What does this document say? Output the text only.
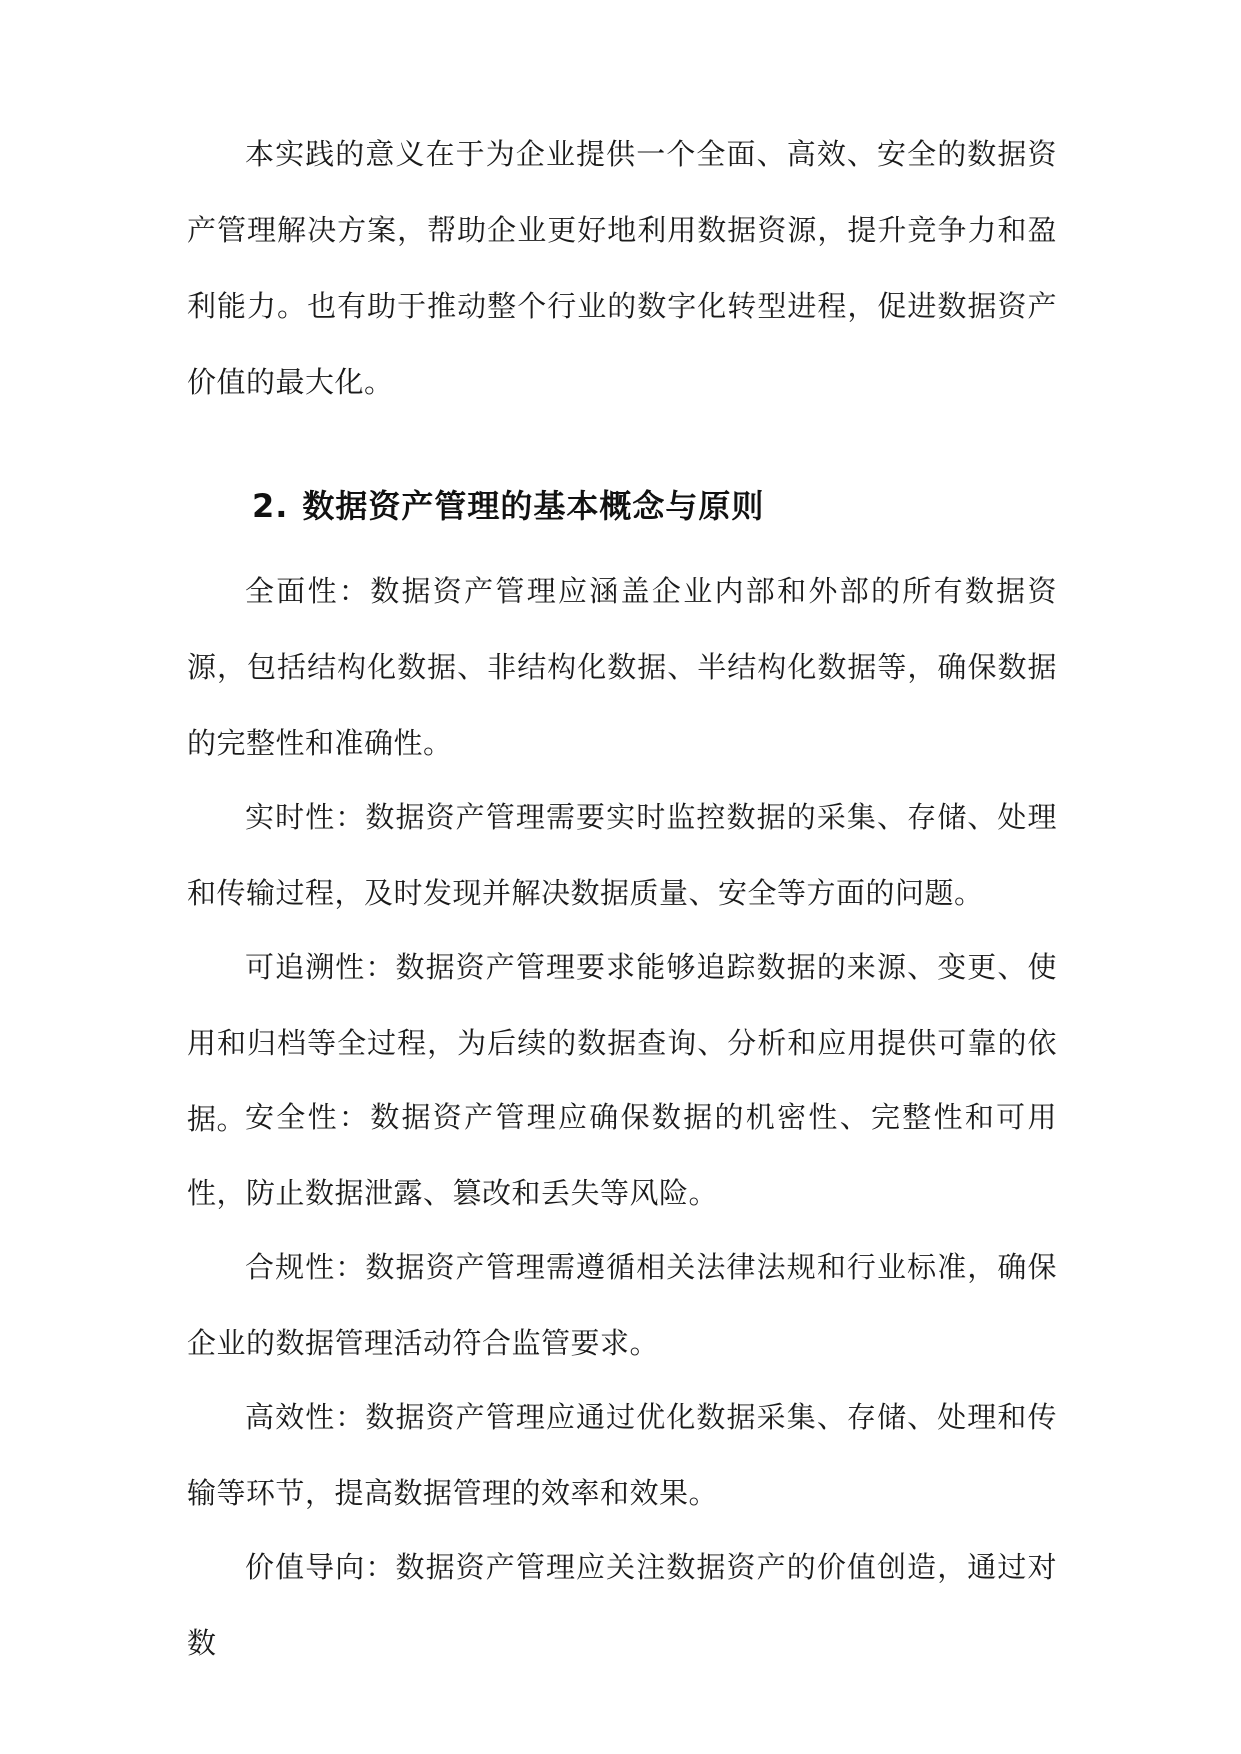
本实践的意义在于为企业提供一个全面、高效、安全的数据资产管理解决方案，帮助企业更好地利用数据资源，提升竞争力和盈利能力。也有助于推动整个行业的数字化转型进程，促进数据资产价值的最大化。

2. 数据资产管理的基本概念与原则

全面性：数据资产管理应涵盖企业内部和外部的所有数据资源，包括结构化数据、非结构化数据、半结构化数据等，确保数据的完整性和准确性。

实时性：数据资产管理需要实时监控数据的采集、存储、处理和传输过程，及时发现并解决数据质量、安全等方面的问题。

可追溯性：数据资产管理要求能够追踪数据的来源、变更、使用和归档等全过程，为后续的数据查询、分析和应用提供可靠的依据。

安全性：数据资产管理应确保数据的机密性、完整性和可用性，防止数据泄露、篡改和丢失等风险。

合规性：数据资产管理需遵循相关法律法规和行业标准，确保企业的数据管理活动符合监管要求。

高效性：数据资产管理应通过优化数据采集、存储、处理和传输等环节，提高数据管理的效率和效果。

价值导向：数据资产管理应关注数据资产的价值创造，通过对数
